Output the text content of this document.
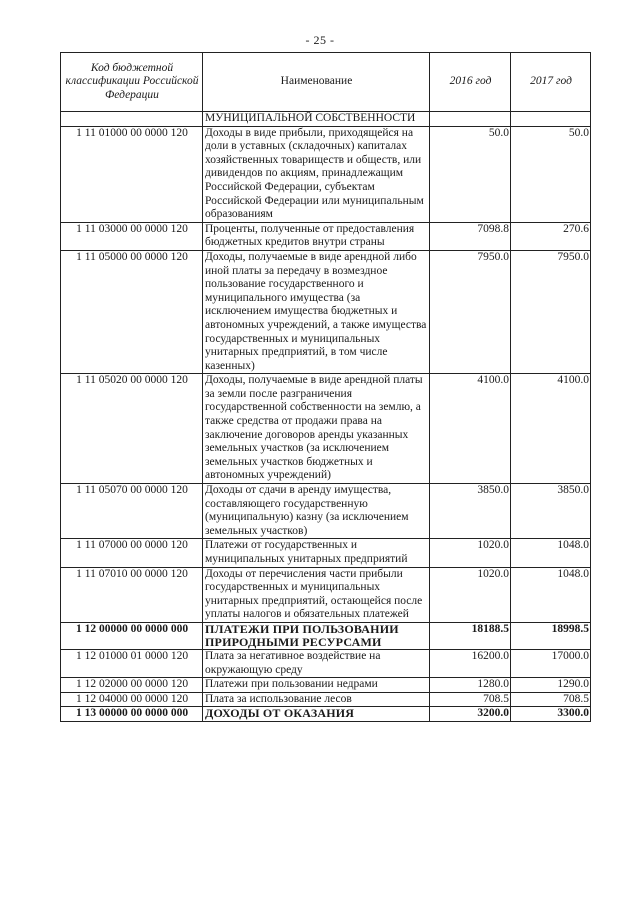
- 25 -
Код бюджетной классификации Российской Федерации	Наименование	2016 год	2017 год
	МУНИЦИПАЛЬНОЙ СОБСТВЕННОСТИ		
1 11 01000 00 0000 120	Доходы в виде прибыли, приходящейся на доли в уставных (складочных) капиталах хозяйственных товариществ и обществ, или дивидендов по акциям, принадлежащим Российской Федерации, субъектам Российской Федерации или муниципальным образованиям	50.0	50.0
1 11 03000 00 0000 120	Проценты, полученные от предоставления бюджетных кредитов внутри страны	7098.8	270.6
1 11 05000 00 0000 120	Доходы, получаемые в виде арендной либо иной платы за передачу в возмездное пользование государственного и муниципального имущества (за исключением имущества бюджетных и автономных учреждений, а также имущества государственных и муниципальных унитарных предприятий, в том числе казенных)	7950.0	7950.0
1 11 05020 00 0000 120	Доходы, получаемые в виде арендной платы за земли после разграничения государственной собственности на землю, а также средства от продажи права на заключение договоров аренды указанных земельных участков (за исключением земельных участков бюджетных и автономных учреждений)	4100.0	4100.0
1 11 05070 00 0000 120	Доходы от сдачи в аренду имущества, составляющего государственную (муниципальную) казну (за исключением земельных участков)	3850.0	3850.0
1 11 07000 00 0000 120	Платежи от государственных и муниципальных унитарных предприятий	1020.0	1048.0
1 11 07010 00 0000 120	Доходы от перечисления части прибыли государственных и муниципальных унитарных предприятий, остающейся после уплаты налогов и обязательных платежей	1020.0	1048.0
1 12 00000 00 0000 000	ПЛАТЕЖИ ПРИ ПОЛЬЗОВАНИИ ПРИРОДНЫМИ РЕСУРСАМИ	18188.5	18998.5
1 12 01000 01 0000 120	Плата за негативное воздействие на окружающую среду	16200.0	17000.0
1 12 02000 00 0000 120	Платежи при пользовании недрами	1280.0	1290.0
1 12 04000 00 0000 120	Плата за использование лесов	708.5	708.5
1 13 00000 00 0000 000	ДОХОДЫ ОТ ОКАЗАНИЯ	3200.0	3300.0
